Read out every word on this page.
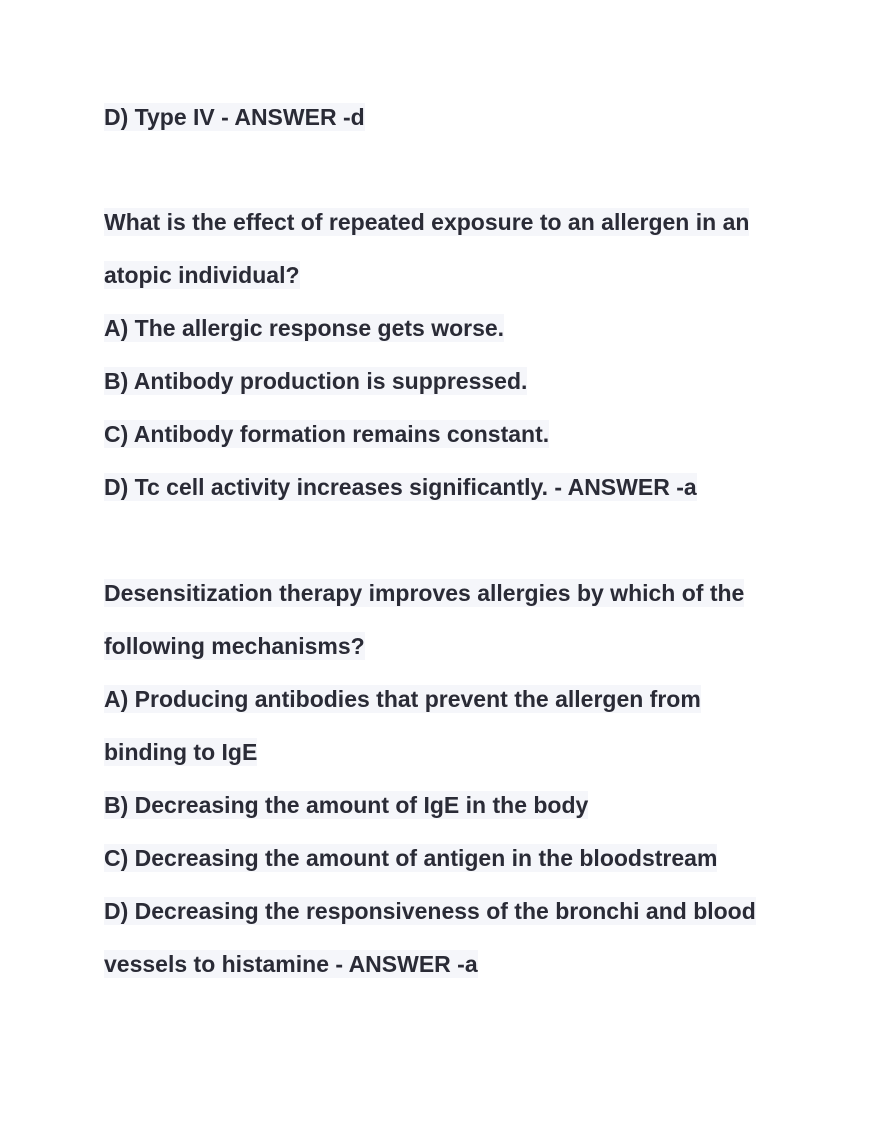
D) Type IV - ANSWER -d

What is the effect of repeated exposure to an allergen in an

atopic individual?

A) The allergic response gets worse.

B) Antibody production is suppressed.

C) Antibody formation remains constant.

D) Tc cell activity increases significantly. - ANSWER -a

Desensitization therapy improves allergies by which of the

following mechanisms?

A) Producing antibodies that prevent the allergen from

binding to IgE

B) Decreasing the amount of IgE in the body

C) Decreasing the amount of antigen in the bloodstream

D) Decreasing the responsiveness of the bronchi and blood

vessels to histamine - ANSWER -a
